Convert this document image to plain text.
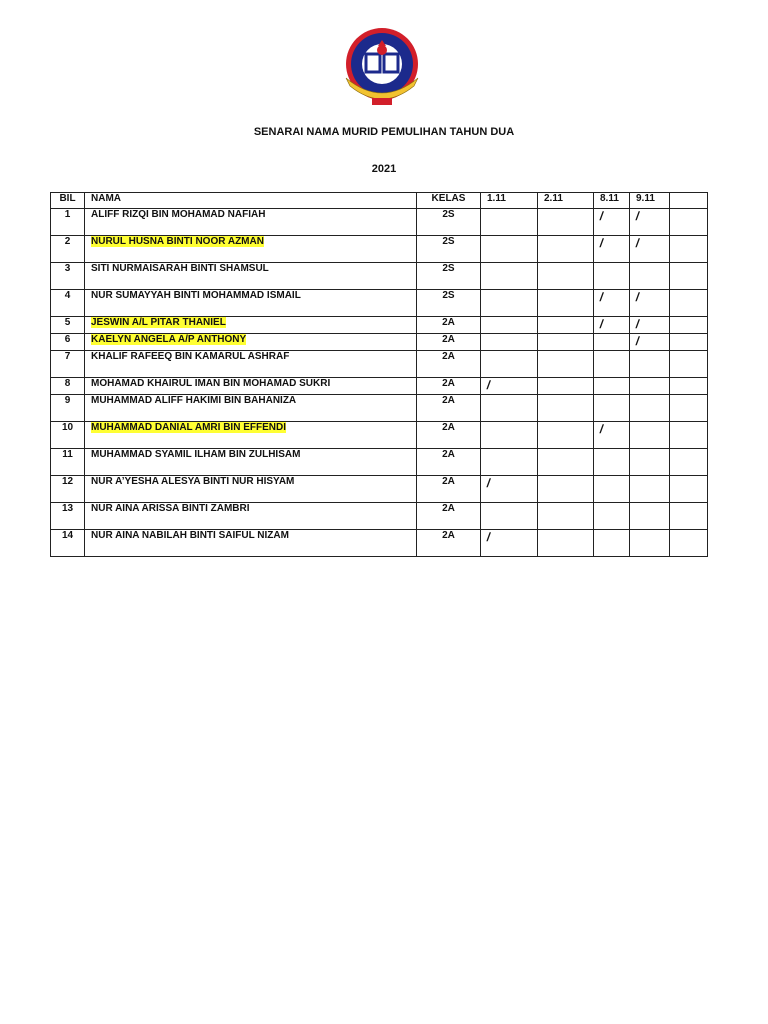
SENARAI NAMA MURID PEMULIHAN TAHUN DUA
2021
BIL	NAMA	KELAS	1.11	2.11	8.11	9.11	
1	ALIFF RIZQI BIN MOHAMAD NAFIAH	2S			/	/	
2	NURUL HUSNA BINTI NOOR AZMAN	2S			/	/	
3	SITI NURMAISARAH BINTI SHAMSUL	2S					
4	NUR SUMAYYAH BINTI MOHAMMAD ISMAIL	2S			/	/	
5	JESWIN A/L PITAR THANIEL	2A			/	/	
6	KAELYN ANGELA A/P ANTHONY	2A				/	
7	KHALIF RAFEEQ BIN KAMARUL ASHRAF	2A					
8	MOHAMAD KHAIRUL IMAN BIN MOHAMAD SUKRI	2A	/				
9	MUHAMMAD ALIFF HAKIMI BIN BAHANIZA	2A					
10	MUHAMMAD DANIAL AMRI BIN EFFENDI	2A			/		
11	MUHAMMAD SYAMIL ILHAM BIN ZULHISAM	2A					
12	NUR A’YESHA ALESYA BINTI NUR HISYAM	2A	/				
13	NUR AINA ARISSA BINTI ZAMBRI	2A					
14	NUR AINA NABILAH BINTI SAIFUL NIZAM	2A	/				
